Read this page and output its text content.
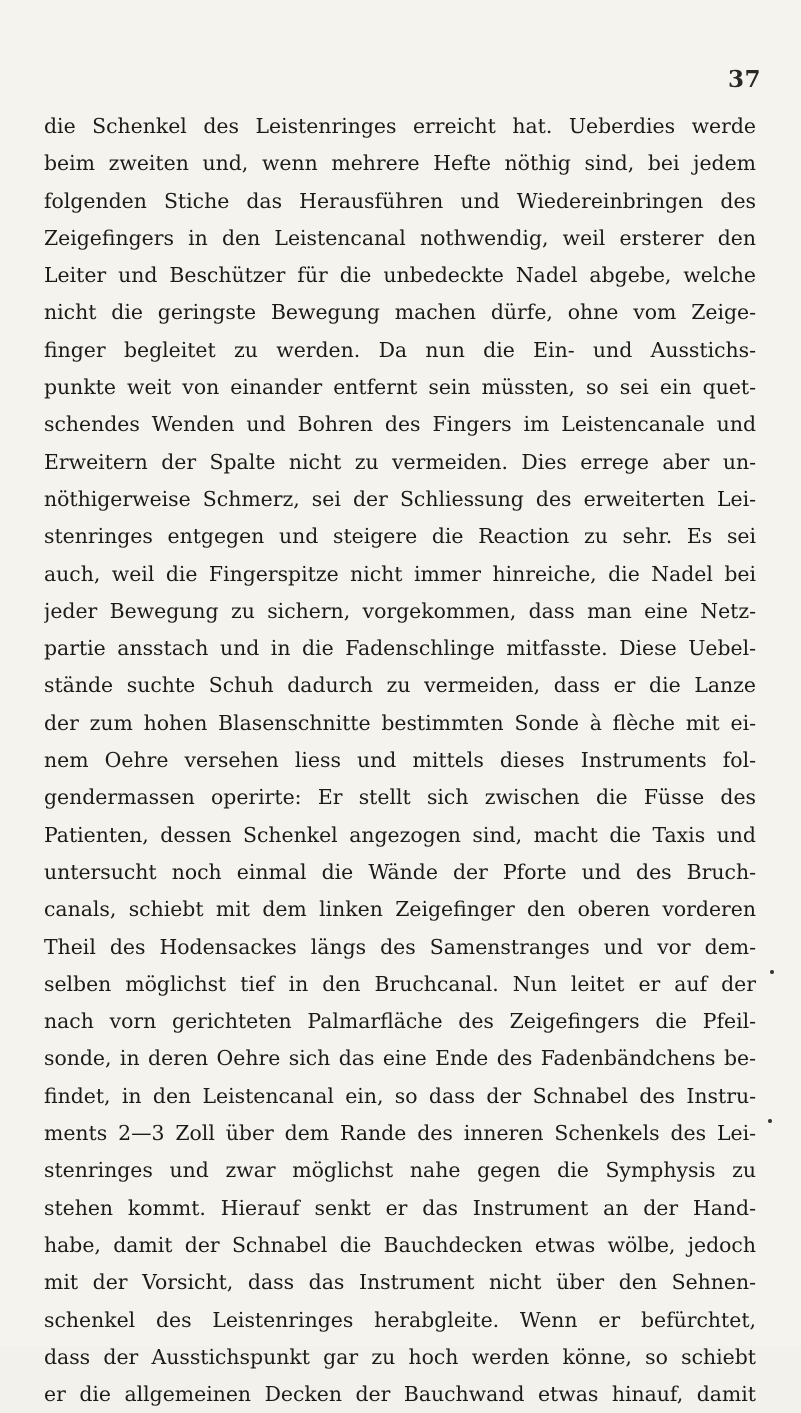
37
die Schenkel des Leistenringes erreicht hat. Ueberdies werde
beim zweiten und, wenn mehrere Hefte nöthig sind, bei jedem
folgenden Stiche das Herausführen und Wiedereinbringen des
Zeigefingers in den Leistencanal nothwendig, weil ersterer den
Leiter und Beschützer für die unbedeckte Nadel abgebe, welche
nicht die geringste Bewegung machen dürfe, ohne vom Zeige-
finger begleitet zu werden. Da nun die Ein- und Ausstichs-
punkte weit von einander entfernt sein müssten, so sei ein quet-
schendes Wenden und Bohren des Fingers im Leistencanale und
Erweitern der Spalte nicht zu vermeiden. Dies errege aber un-
nöthigerweise Schmerz, sei der Schliessung des erweiterten Lei-
stenringes entgegen und steigere die Reaction zu sehr. Es sei
auch, weil die Fingerspitze nicht immer hinreiche, die Nadel bei
jeder Bewegung zu sichern, vorgekommen, dass man eine Netz-
partie ansstach und in die Fadenschlinge mitfasste. Diese Uebel-
stände suchte Schuh dadurch zu vermeiden, dass er die Lanze
der zum hohen Blasenschnitte bestimmten Sonde à flèche mit ei-
nem Oehre versehen liess und mittels dieses Instruments fol-
gendermassen operirte: Er stellt sich zwischen die Füsse des
Patienten, dessen Schenkel angezogen sind, macht die Taxis und
untersucht noch einmal die Wände der Pforte und des Bruch-
canals, schiebt mit dem linken Zeigefinger den oberen vorderen
Theil des Hodensackes längs des Samenstranges und vor dem-
selben möglichst tief in den Bruchcanal. Nun leitet er auf der
nach vorn gerichteten Palmarfläche des Zeigefingers die Pfeil-
sonde, in deren Oehre sich das eine Ende des Fadenbändchens be-
findet, in den Leistencanal ein, so dass der Schnabel des Instru-
ments 2—3 Zoll über dem Rande des inneren Schenkels des Lei-
stenringes und zwar möglichst nahe gegen die Symphysis zu
stehen kommt. Hierauf senkt er das Instrument an der Hand-
habe, damit der Schnabel die Bauchdecken etwas wölbe, jedoch
mit der Vorsicht, dass das Instrument nicht über den Sehnen-
schenkel des Leistenringes herabgleite. Wenn er befürchtet,
dass der Ausstichspunkt gar zu hoch werden könne, so schiebt
er die allgemeinen Decken der Bauchwand etwas hinauf, damit
